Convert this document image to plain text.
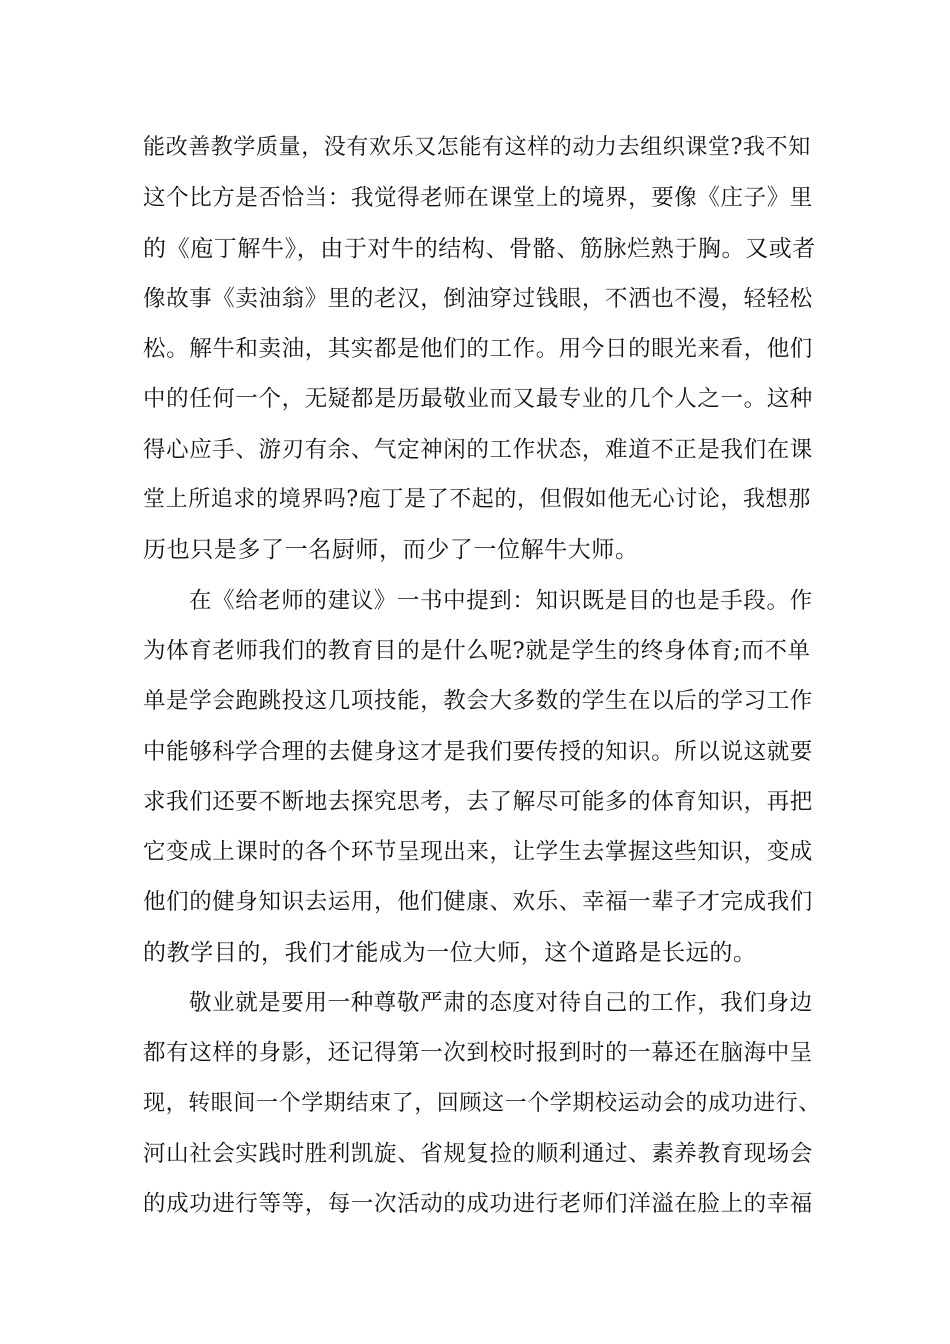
能改善教学质量，没有欢乐又怎能有这样的动力去组织课堂?我不知
这个比方是否恰当：我觉得老师在课堂上的境界，要像《庄子》里
的《庖丁解牛》，由于对牛的结构、骨骼、筋脉烂熟于胸。又或者
像故事《卖油翁》里的老汉，倒油穿过钱眼，不洒也不漫，轻轻松
松。解牛和卖油，其实都是他们的工作。用今日的眼光来看，他们
中的任何一个，无疑都是历最敬业而又最专业的几个人之一。这种
得心应手、游刃有余、气定神闲的工作状态，难道不正是我们在课
堂上所追求的境界吗?庖丁是了不起的，但假如他无心讨论，我想那
历也只是多了一名厨师，而少了一位解牛大师。
在《给老师的建议》一书中提到：知识既是目的也是手段。作
为体育老师我们的教育目的是什么呢?就是学生的终身体育;而不单
单是学会跑跳投这几项技能，教会大多数的学生在以后的学习工作
中能够科学合理的去健身这才是我们要传授的知识。所以说这就要
求我们还要不断地去探究思考，去了解尽可能多的体育知识，再把
它变成上课时的各个环节呈现出来，让学生去掌握这些知识，变成
他们的健身知识去运用，他们健康、欢乐、幸福一辈子才完成我们
的教学目的，我们才能成为一位大师，这个道路是长远的。
敬业就是要用一种尊敬严肃的态度对待自己的工作，我们身边
都有这样的身影，还记得第一次到校时报到时的一幕还在脑海中呈
现，转眼间一个学期结束了，回顾这一个学期校运动会的成功进行、
河山社会实践时胜利凯旋、省规复捡的顺利通过、素养教育现场会
的成功进行等等，每一次活动的成功进行老师们洋溢在脸上的幸福
